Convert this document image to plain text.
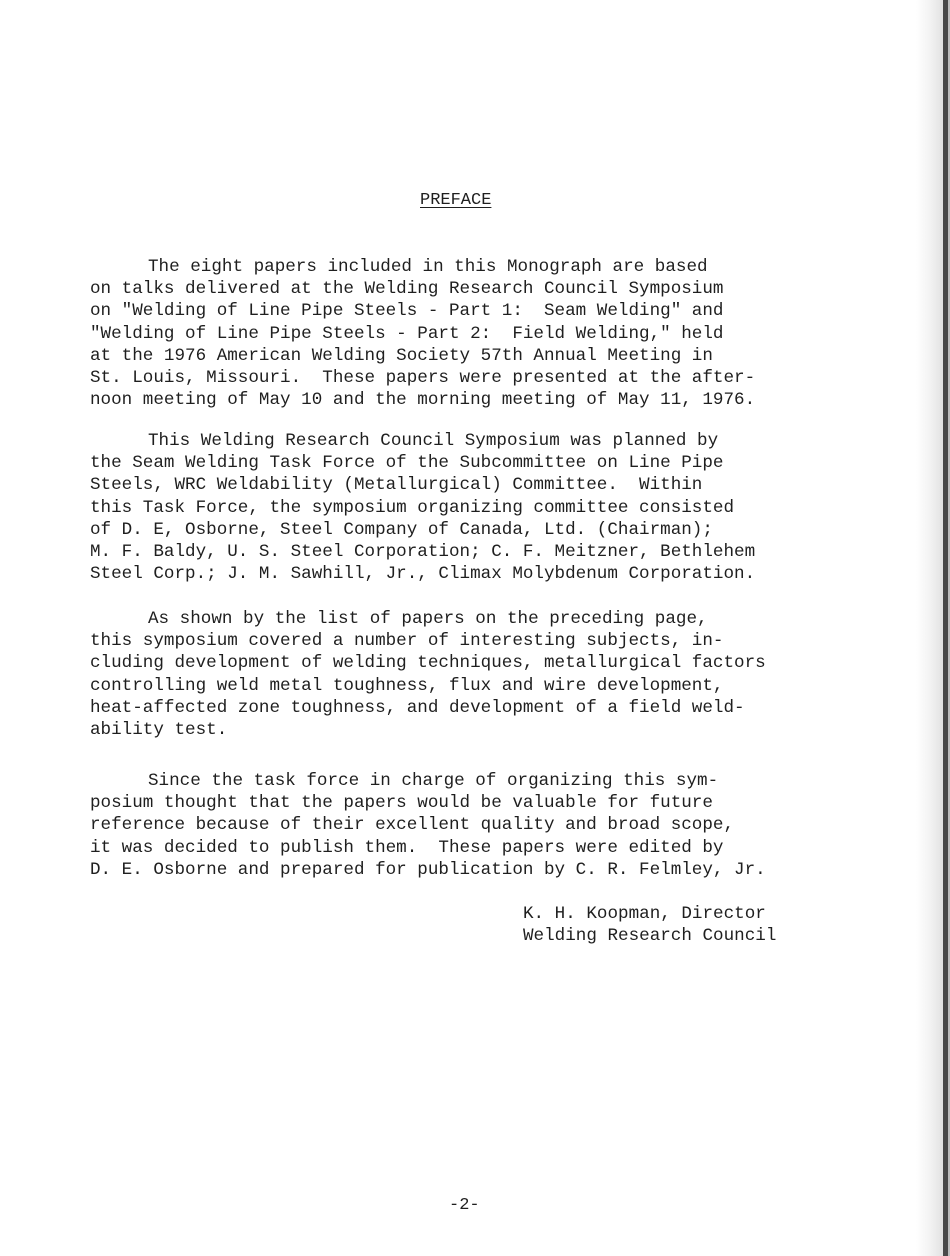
PREFACE
The eight papers included in this Monograph are based
on talks delivered at the Welding Research Council Symposium
on "Welding of Line Pipe Steels - Part 1:  Seam Welding" and
"Welding of Line Pipe Steels - Part 2:  Field Welding," held
at the 1976 American Welding Society 57th Annual Meeting in
St. Louis, Missouri.  These papers were presented at the after-
noon meeting of May 10 and the morning meeting of May 11, 1976.
This Welding Research Council Symposium was planned by
the Seam Welding Task Force of the Subcommittee on Line Pipe
Steels, WRC Weldability (Metallurgical) Committee.  Within
this Task Force, the symposium organizing committee consisted
of D. E, Osborne, Steel Company of Canada, Ltd. (Chairman);
M. F. Baldy, U. S. Steel Corporation; C. F. Meitzner, Bethlehem
Steel Corp.; J. M. Sawhill, Jr., Climax Molybdenum Corporation.
As shown by the list of papers on the preceding page,
this symposium covered a number of interesting subjects, in-
cluding development of welding techniques, metallurgical factors
controlling weld metal toughness, flux and wire development,
heat-affected zone toughness, and development of a field weld-
ability test.
Since the task force in charge of organizing this sym-
posium thought that the papers would be valuable for future
reference because of their excellent quality and broad scope,
it was decided to publish them.  These papers were edited by
D. E. Osborne and prepared for publication by C. R. Felmley, Jr.
K. H. Koopman, Director
Welding Research Council
-2-
